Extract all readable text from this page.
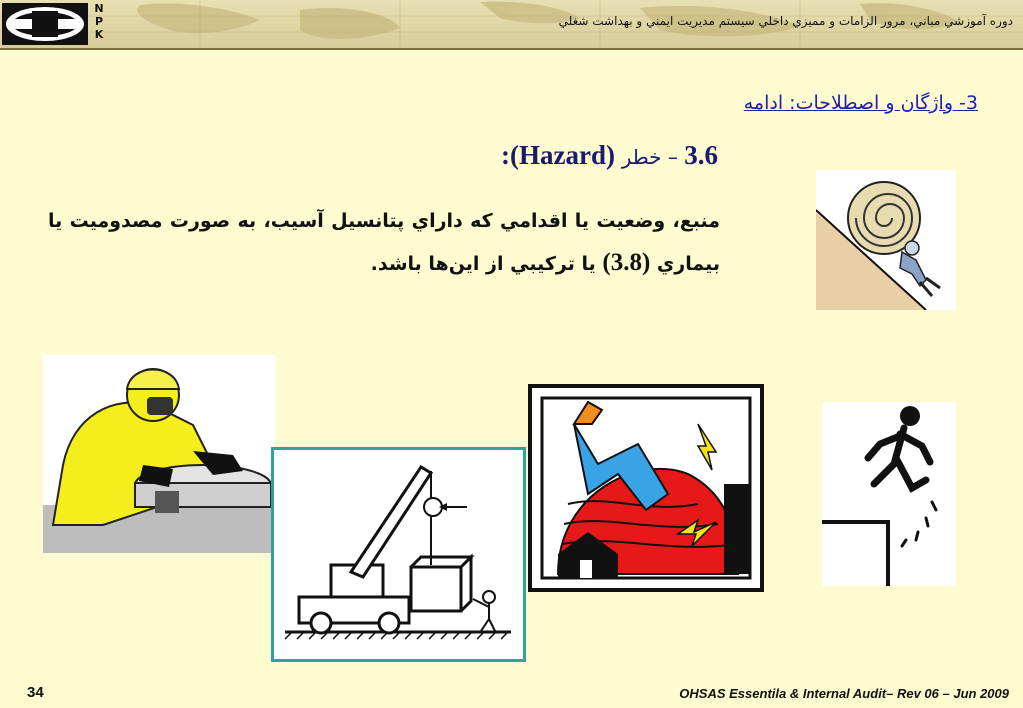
N
P
K
دوره آموزشي مباني، مرور الزامات و مميزي داخلي سيستم مديريت ايمني و بهداشت شغلي
3- واژگان و اصطلاحات: ادامه
3.6 – خطر (Hazard):
منبع، وضعيت يا اقدامي كه داراي پتانسيل آسيب، به صورت مصدوميت يا بيماري (3.8) يا تركيبي از اين‌ها باشد.
34	OHSAS Essentila & Internal Audit– Rev 06 – Jun 2009
